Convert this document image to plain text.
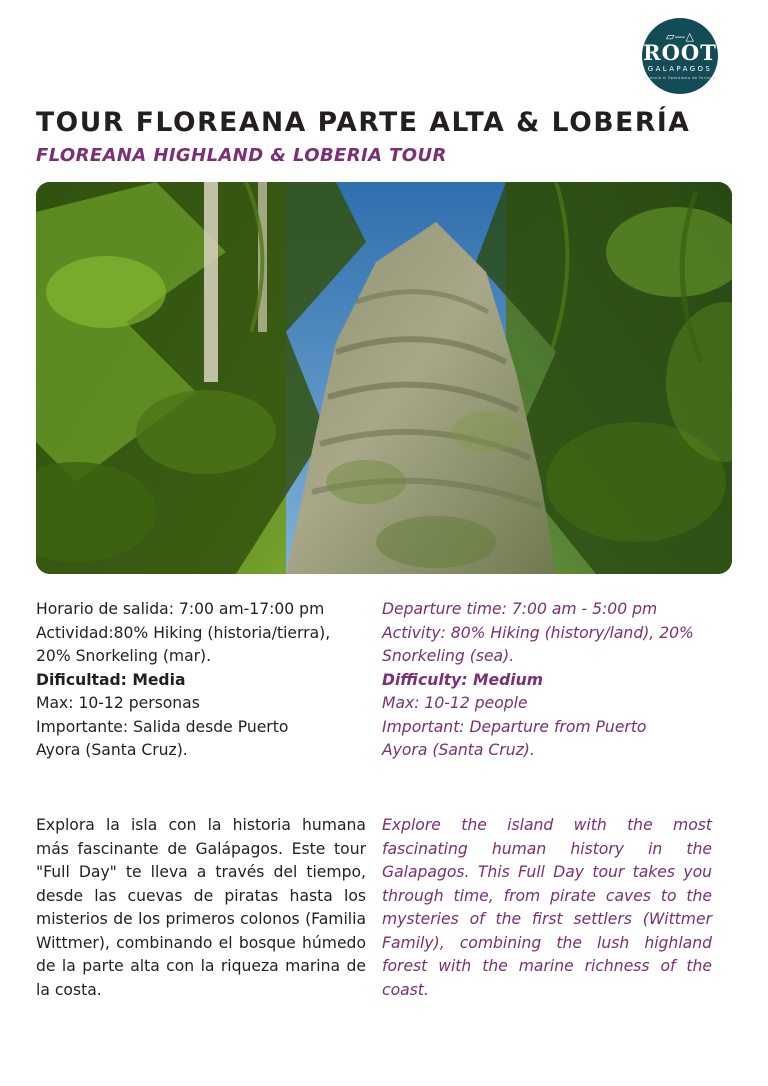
▱—△
ROOT
GALAPAGOS
Agencia & Operadora de Turismo
TOUR FLOREANA PARTE ALTA & LOBERÍA
FLOREANA HIGHLAND & LOBERIA TOUR

Horario de salida: 7:00 am-17:00 pm

Actividad:80% Hiking (historia/tierra),

20% Snorkeling (mar).

Dificultad: Media

Max: 10-12 personas

Importante: Salida desde Puerto

Ayora (Santa Cruz).

Departure time: 7:00 am - 5:00 pm

Activity: 80% Hiking (history/land), 20%

Snorkeling (sea).

Difficulty: Medium

Max: 10-12 people

Important: Departure from Puerto

Ayora (Santa Cruz).

Explora la isla con la historia humana más fascinante de Galápagos. Este tour "Full Day" te lleva a través del tiempo, desde las cuevas de piratas hasta los misterios de los primeros colonos (Familia Wittmer), combinando el bosque húmedo de la parte alta con la riqueza marina de la costa.

Explore the island with the most fascinating human history in the Galapagos. This Full Day tour takes you through time, from pirate caves to the mysteries of the first settlers (Wittmer Family), combining the lush highland forest with the marine richness of the coast.
